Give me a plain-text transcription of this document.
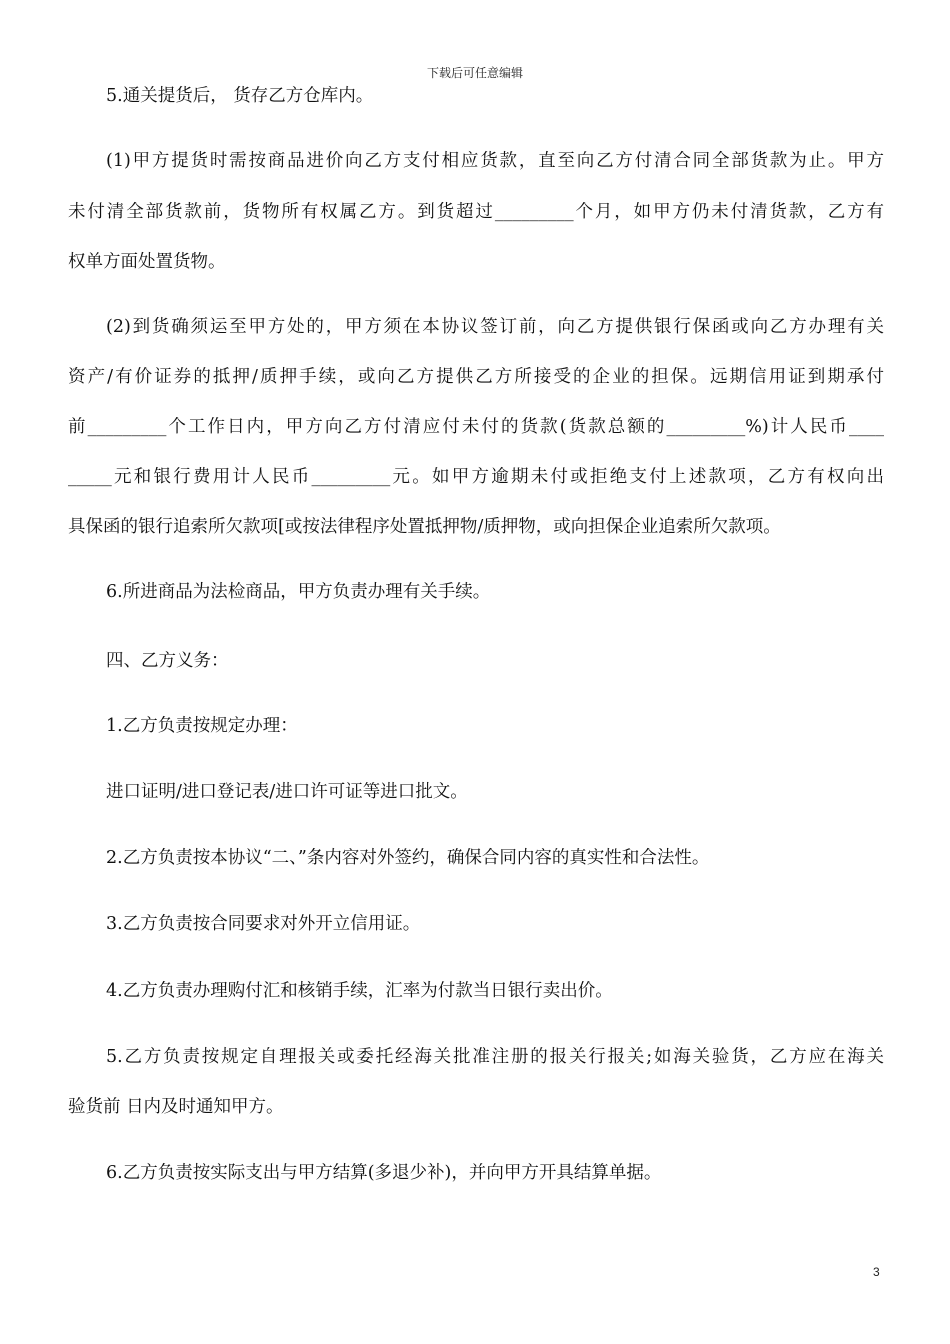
下载后可任意编辑
5.通关提货后， 货存乙方仓库内。
(1)甲方提货时需按商品进价向乙方支付相应货款，直至向乙方付清合同全部货款为止。甲方
未付清全部货款前，货物所有权属乙方。到货超过_________个月，如甲方仍未付清货款，乙方有
权单方面处置货物。
(2)到货确须运至甲方处的，甲方须在本协议签订前，向乙方提供银行保函或向乙方办理有关
资产/有价证券的抵押/质押手续，或向乙方提供乙方所接受的企业的担保。远期信用证到期承付
前_________个工作日内，甲方向乙方付清应付未付的货款(货款总额的_________%)计人民币____
_____元和银行费用计人民币_________元。如甲方逾期未付或拒绝支付上述款项，乙方有权向出
具保函的银行追索所欠款项[或按法律程序处置抵押物/质押物，或向担保企业追索所欠款项。
6.所进商品为法检商品，甲方负责办理有关手续。
四、乙方义务：
1.乙方负责按规定办理：
进口证明/进口登记表/进口许可证等进口批文。
2.乙方负责按本协议“二、”条内容对外签约，确保合同内容的真实性和合法性。
3.乙方负责按合同要求对外开立信用证。
4.乙方负责办理购付汇和核销手续，汇率为付款当日银行卖出价。
5.乙方负责按规定自理报关或委托经海关批准注册的报关行报关;如海关验货，乙方应在海关
验货前 日内及时通知甲方。
6.乙方负责按实际支出与甲方结算(多退少补)，并向甲方开具结算单据。
3
